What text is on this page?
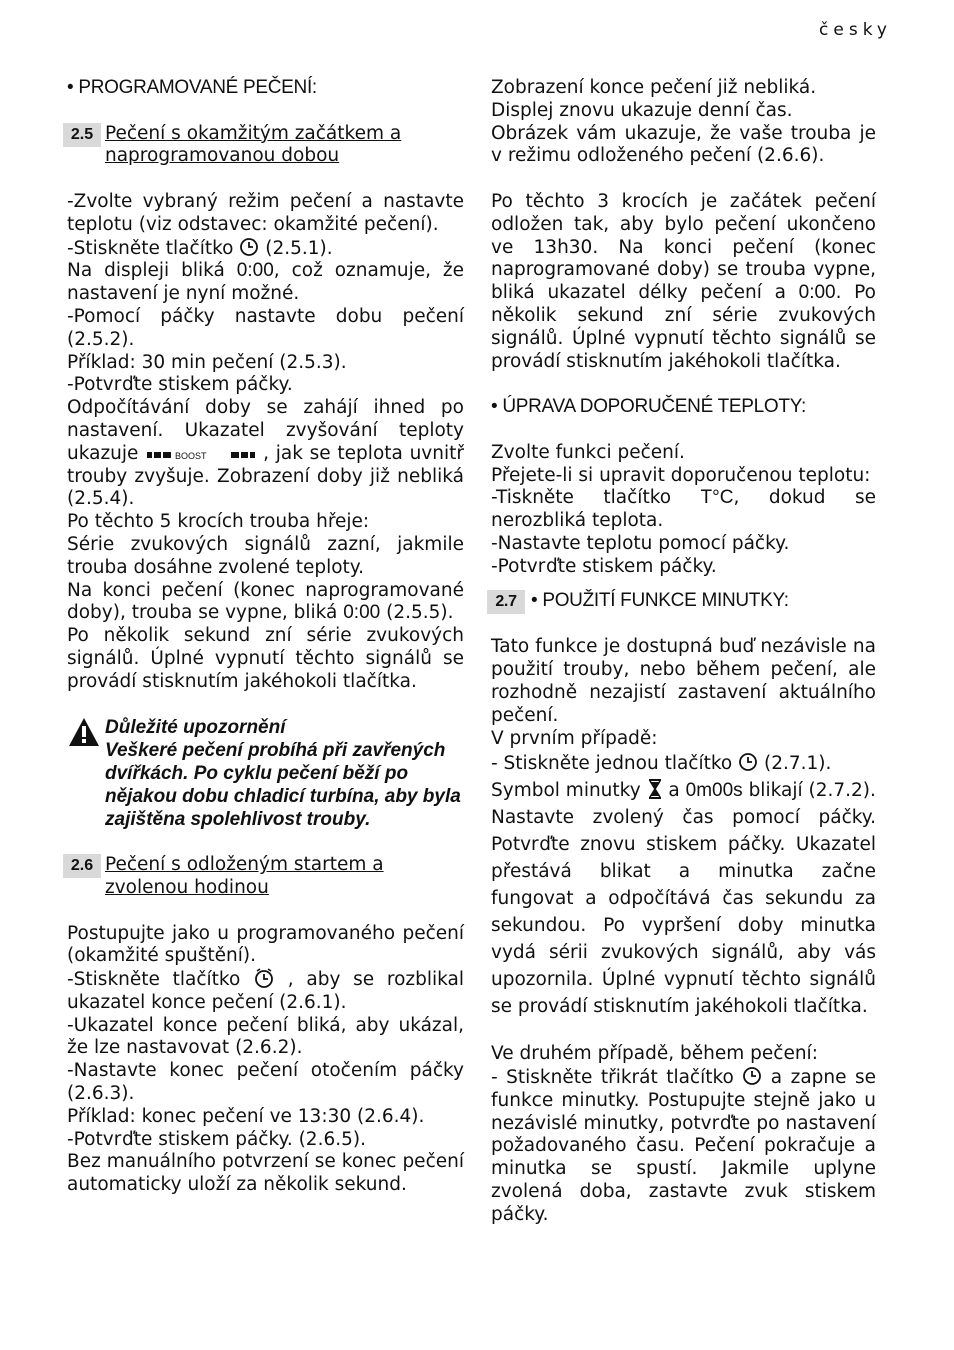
česky

• PROGRAMOVANÉ PEČENÍ:

2.5 Pečení s okamžitým začátkem a naprogramovanou dobou

-Zvolte vybraný režim pečení a nastavte teplotu (viz odstavec: okamžité pečení).

-Stiskněte tlačítko  (2.5.1).

Na displeji bliká 0:00, což oznamuje, že nastavení je nyní možné.

-Pomocí páčky nastavte dobu pečení (2.5.2).

Příklad: 30 min pečení (2.5.3).

-Potvrďte stiskem páčky.

Odpočítávání doby se zahájí ihned po nastavení. Ukazatel zvyšování teploty ukazuje	BOOST	, jak se teplota uvnitř trouby zvyšuje. Zobrazení doby již nebliká (2.5.4).

Po těchto 5 krocích trouba hřeje:

Série zvukových signálů zazní, jakmile trouba dosáhne zvolené teploty.

Na konci pečení (konec naprogramované doby), trouba se vypne, bliká 0:00 (2.5.5).

Po několik sekund zní série zvukových signálů. Úplné vypnutí těchto signálů se provádí stisknutím jakéhokoli tlačítka.

Důležité upozornění
Veškeré pečení probíhá při zavřených dvířkách. Po cyklu pečení běží po nějakou dobu chladicí turbína, aby byla zajištěna spolehlivost trouby.
2.6 Pečení s odloženým startem a zvolenou hodinou

Postupujte jako u programovaného pečení (okamžité spuštění).

-Stiskněte tlačítko  , aby se rozblikal ukazatel konce pečení (2.6.1).

-Ukazatel konce pečení bliká, aby ukázal, že lze nastavovat (2.6.2).

-Nastavte konec pečení otočením páčky (2.6.3).

Příklad: konec pečení ve 13:30 (2.6.4).

-Potvrďte stiskem páčky. (2.6.5).

Bez manuálního potvrzení se konec pečení automaticky uloží za několik sekund.

Zobrazení konce pečení již nebliká.

Displej znovu ukazuje denní čas.

Obrázek vám ukazuje, že vaše trouba je v režimu odloženého pečení (2.6.6).

Po těchto 3 krocích je začátek pečení odložen tak, aby bylo pečení ukončeno ve 13h30. Na konci pečení (konec naprogramované doby) se trouba vypne, bliká ukazatel délky pečení a 0:00. Po několik sekund zní série zvukových signálů. Úplné vypnutí těchto signálů se provádí stisknutím jakéhokoli tlačítka.

• ÚPRAVA DOPORUČENÉ TEPLOTY:

Zvolte funkci pečení.

Přejete-li si upravit doporučenou teplotu:

-Tiskněte tlačítko T°C, dokud se nerozbliká teplota.

-Nastavte teplotu pomocí páčky.

-Potvrďte stiskem páčky.

2.7 • POUŽITÍ FUNKCE MINUTKY:

Tato funkce je dostupná buď nezávisle na použití trouby, nebo během pečení, ale rozhodně nezajistí zastavení aktuálního pečení.

V prvním případě:

- Stiskněte jednou tlačítko  (2.7.1).

Symbol minutky  a 0m00s blikají (2.7.2).

Nastavte zvolený čas pomocí páčky. Potvrďte znovu stiskem páčky. Ukazatel přestává blikat a minutka začne fungovat a odpočítává čas sekundu za sekundou. Po vypršení doby minutka vydá sérii zvukových signálů, aby vás upozornila. Úplné vypnutí těchto signálů se provádí stisknutím jakéhokoli tlačítka.

Ve druhém případě, během pečení:

- Stiskněte třikrát tlačítko  a zapne se funkce minutky. Postupujte stejně jako u nezávislé minutky, potvrďte po nastavení požadovaného času. Pečení pokračuje a minutka se spustí. Jakmile uplyne zvolená doba, zastavte zvuk stiskem páčky.
